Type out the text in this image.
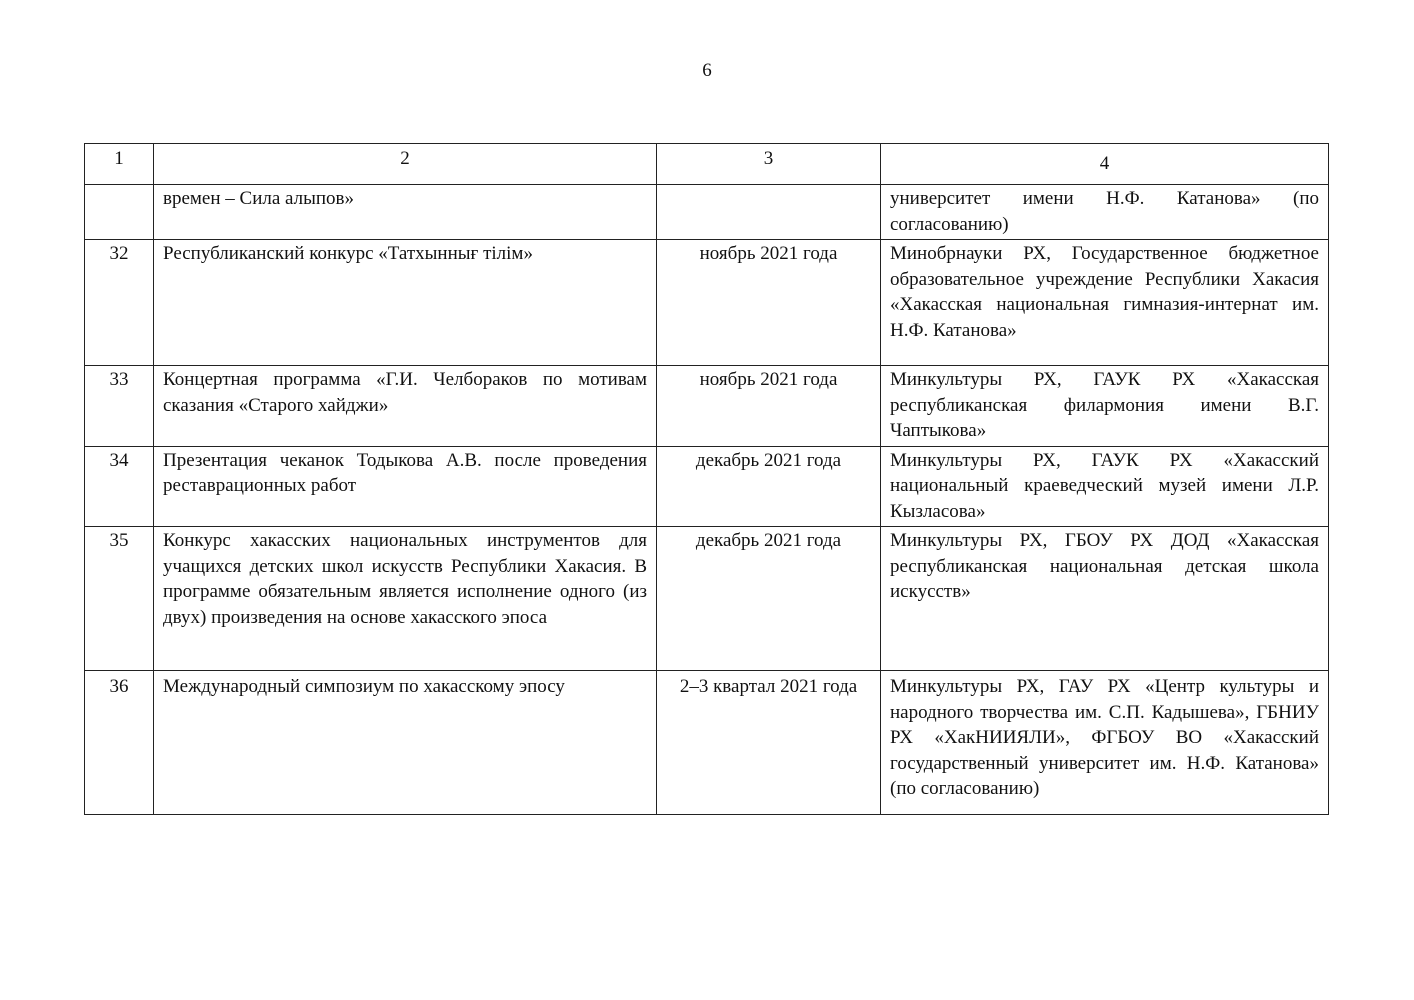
6
1	2	3	4
	времен – Сила алыпов»		университет имени Н.Ф. Катанова» (по согласованию)
32	Республиканский конкурс «Татхыннығ тілім»	ноябрь 2021 года	Минобрнауки РХ, Государственное бюджетное образовательное учреждение Республики Хакасия «Хакасская национальная гимназия-интернат им. Н.Ф. Катанова»
33	Концертная программа «Г.И. Челбораков по мотивам сказания «Старого хайджи»	ноябрь 2021 года	Минкультуры РХ, ГАУК РХ «Хакасская республиканская филармония имени В.Г. Чаптыкова»
34	Презентация чеканок Тодыкова А.В. после проведения реставрационных работ	декабрь 2021 года	Минкультуры РХ, ГАУК РХ «Хакасский национальный краеведческий музей имени Л.Р. Кызласова»
35	Конкурс хакасских национальных инструментов для учащихся детских школ искусств Республики Хакасия. В программе обязательным является исполнение одного (из двух) произведения на основе хакасского эпоса	декабрь 2021 года	Минкультуры РХ, ГБОУ РХ ДОД «Хакасская республиканская национальная детская школа искусств»
36	Международный симпозиум по хакасскому эпосу	2–3 квартал 2021 года	Минкультуры РХ, ГАУ РХ «Центр культуры и народного творчества им. С.П. Кадышева», ГБНИУ РХ «ХакНИИЯЛИ», ФГБОУ ВО «Хакасский государственный университет им. Н.Ф. Катанова» (по согласованию)
